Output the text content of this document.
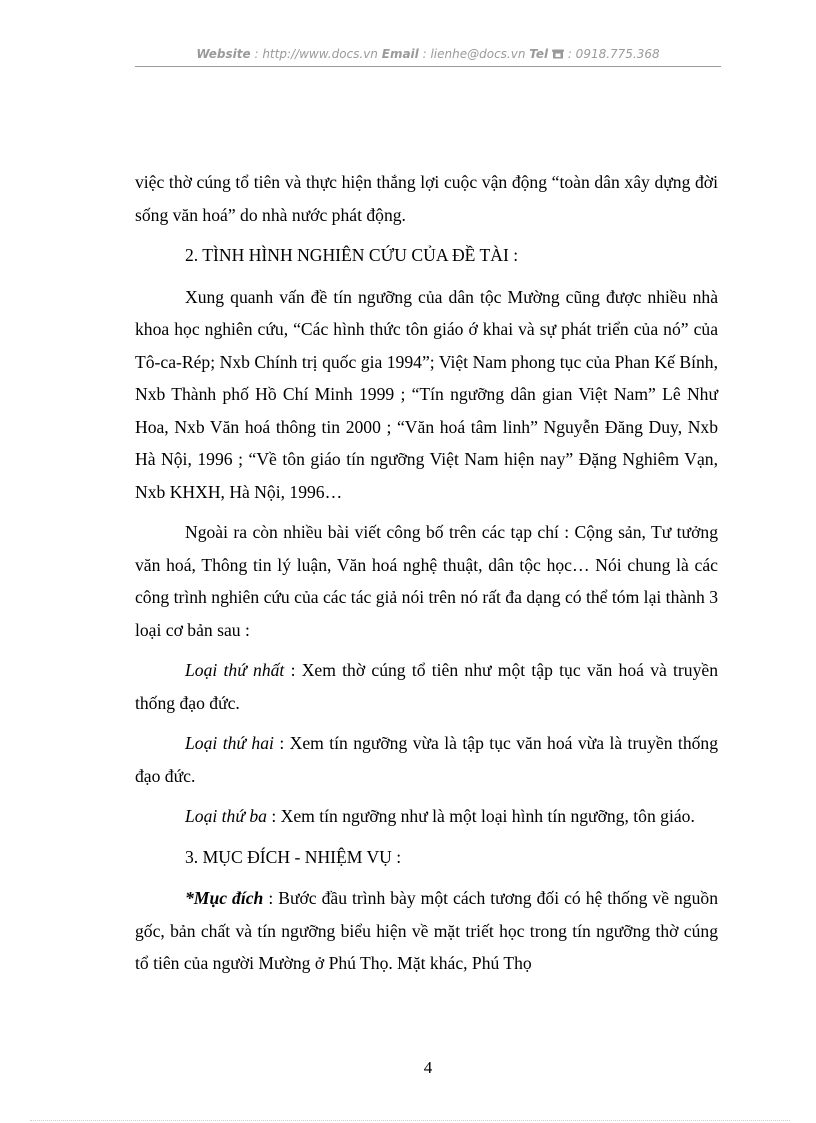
Website : http://www.docs.vn Email : lienhe@docs.vn Tel : 0918.775.368

việc thờ cúng tổ tiên và thực hiện thắng lợi cuộc vận động “toàn dân xây dựng đời sống văn hoá” do nhà nước phát động.

2. TÌNH HÌNH NGHIÊN CỨU CỦA ĐỀ TÀI :

Xung quanh vấn đề tín ngưỡng của dân tộc Mường cũng được nhiều nhà khoa học nghiên cứu, “Các hình thức tôn giáo ớ khai và sự phát triển của nó” của Tô-ca-Rép; Nxb Chính trị quốc gia 1994”; Việt Nam phong tục của Phan Kế Bính, Nxb Thành phố Hồ Chí Minh 1999 ; “Tín ngưỡng dân gian Việt Nam” Lê Như Hoa, Nxb Văn hoá thông tin 2000 ; “Văn hoá tâm linh” Nguyễn Đăng Duy, Nxb Hà Nội, 1996 ; “Về tôn giáo tín ngưỡng Việt Nam hiện nay” Đặng Nghiêm Vạn, Nxb KHXH, Hà Nội, 1996…

Ngoài ra còn nhiều bài viết công bố trên các tạp chí : Cộng sản, Tư tưởng văn hoá, Thông tin lý luận, Văn hoá nghệ thuật, dân tộc học… Nói chung là các công trình nghiên cứu của các tác giả nói trên nó rất đa dạng có thể tóm lại thành 3 loại cơ bản sau :

Loại thứ nhất : Xem thờ cúng tổ tiên như một tập tục văn hoá và truyền thống đạo đức.

Loại thứ hai : Xem tín ngưỡng vừa là tập tục văn hoá vừa là truyền thống đạo đức.

Loại thứ ba : Xem tín ngưỡng như là một loại hình tín ngưỡng, tôn giáo.

3. MỤC ĐÍCH - NHIỆM VỤ :

*Mục đích : Bước đầu trình bày một cách tương đối có hệ thống về nguồn gốc, bản chất và tín ngưỡng biểu hiện về mặt triết học trong tín ngưỡng thờ cúng tổ tiên của người Mường ở Phú Thọ. Mặt khác, Phú Thọ

4
